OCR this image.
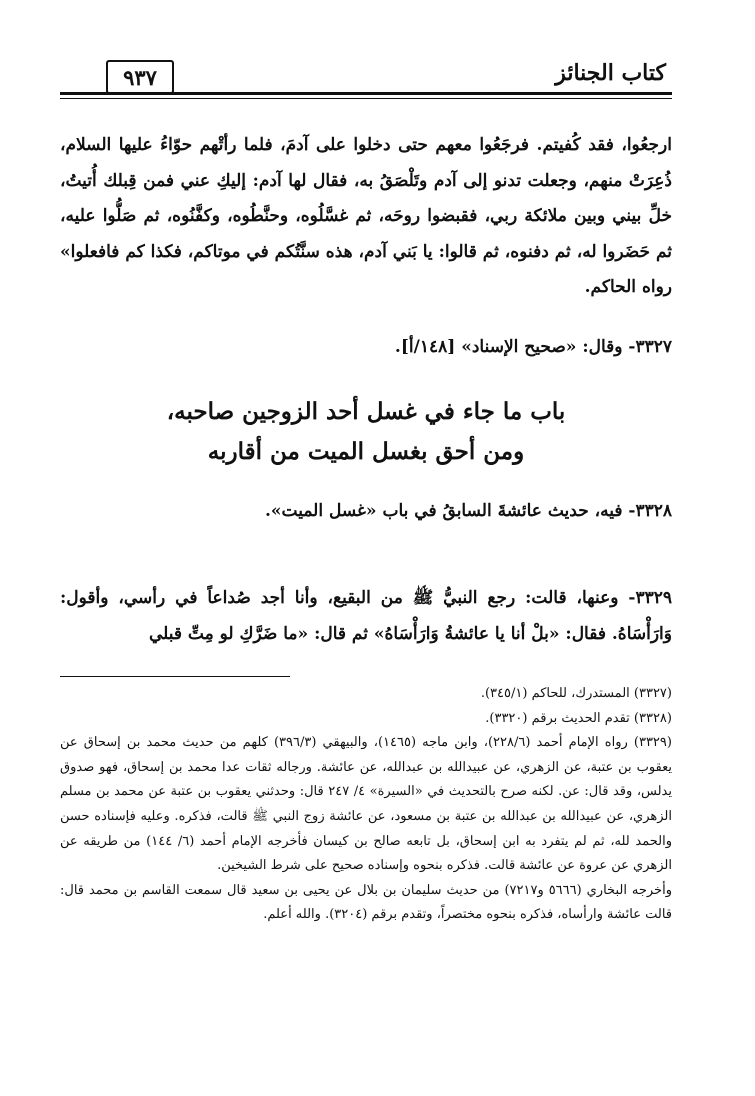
كتاب الجنائز
٩٣٧
ارجعُوا، فقد كُفيتم. فرجَعُوا معهم حتى دخلوا على آدمَ، فلما رأتْهم حوّاءُ عليها السلام، ذُعِرَتْ منهم، وجعلت تدنو إلى آدم وتَلْصَقُ به، فقال لها آدم: إليكِ عني فمن قِبلك أُتيتُ، خلِّ بيني وبين ملائكة ربي، فقبضوا روحَه، ثم غسَّلُوه، وحنَّطُوه، وكفَّنُوه، ثم صَلُّوا عليه، ثم حَضَروا له، ثم دفنوه، ثم قالوا: يا بَني آدم، هذه سنَّتُكم في موتاكم، فكذا كم فافعلوا» رواه الحاكم.
٣٣٢٧- وقال: «صحيح الإسناد» [١٤٨/أ].
باب ما جاء في غسل أحد الزوجين صاحبه،
ومن أحق بغسل الميت من أقاربه
٣٣٢٨- فيه، حديث عائشةَ السابقُ في باب «غسل الميت».
٣٣٢٩- وعنها، قالت: رجع النبيُّ ﷺ من البقيع، وأنا أجد صُداعاً في رأسي، وأقول: وَارَأْسَاهُ. فقال: «بلْ أنا يا عائشةُ وَارَأْسَاهُ» ثم قال: «ما ضَرَّكِ لو مِتِّ قبلي

(٣٣٢٧) المستدرك، للحاكم (٣٤٥/١).

(٣٣٢٨) تقدم الحديث برقم (٣٣٢٠).

(٣٣٢٩) رواه الإمام أحمد (٢٢٨/٦)، وابن ماجه (١٤٦٥)، والبيهقي (٣٩٦/٣) كلهم من حديث محمد بن إسحاق عن يعقوب بن عتبة، عن الزهري، عن عبيدالله بن عبدالله، عن عائشة. ورجاله ثقات عدا محمد بن إسحاق، فهو صدوق يدلس، وقد قال: عن. لكنه صرح بالتحديث في «السيرة» ٤/ ٢٤٧ قال: وحدثني يعقوب بن عتبة عن محمد بن مسلم الزهري، عن عبيدالله بن عبدالله بن عتبة بن مسعود، عن عائشة زوج النبي ﷺ قالت، فذكره. وعليه فإسناده حسن والحمد لله، ثم لم يتفرد به ابن إسحاق، بل تابعه صالح بن كيسان فأخرجه الإمام أحمد (٦/ ١٤٤) من طريقه عن الزهري عن عروة عن عائشة قالت. فذكره بنحوه وإسناده صحيح على شرط الشيخين.

وأخرجه البخاري (٥٦٦٦ و٧٢١٧) من حديث سليمان بن بلال عن يحيى بن سعيد قال سمعت القاسم بن محمد قال: قالت عائشة وارأساه، فذكره بنحوه مختصراً، وتقدم برقم (٣٢٠٤). والله أعلم.
